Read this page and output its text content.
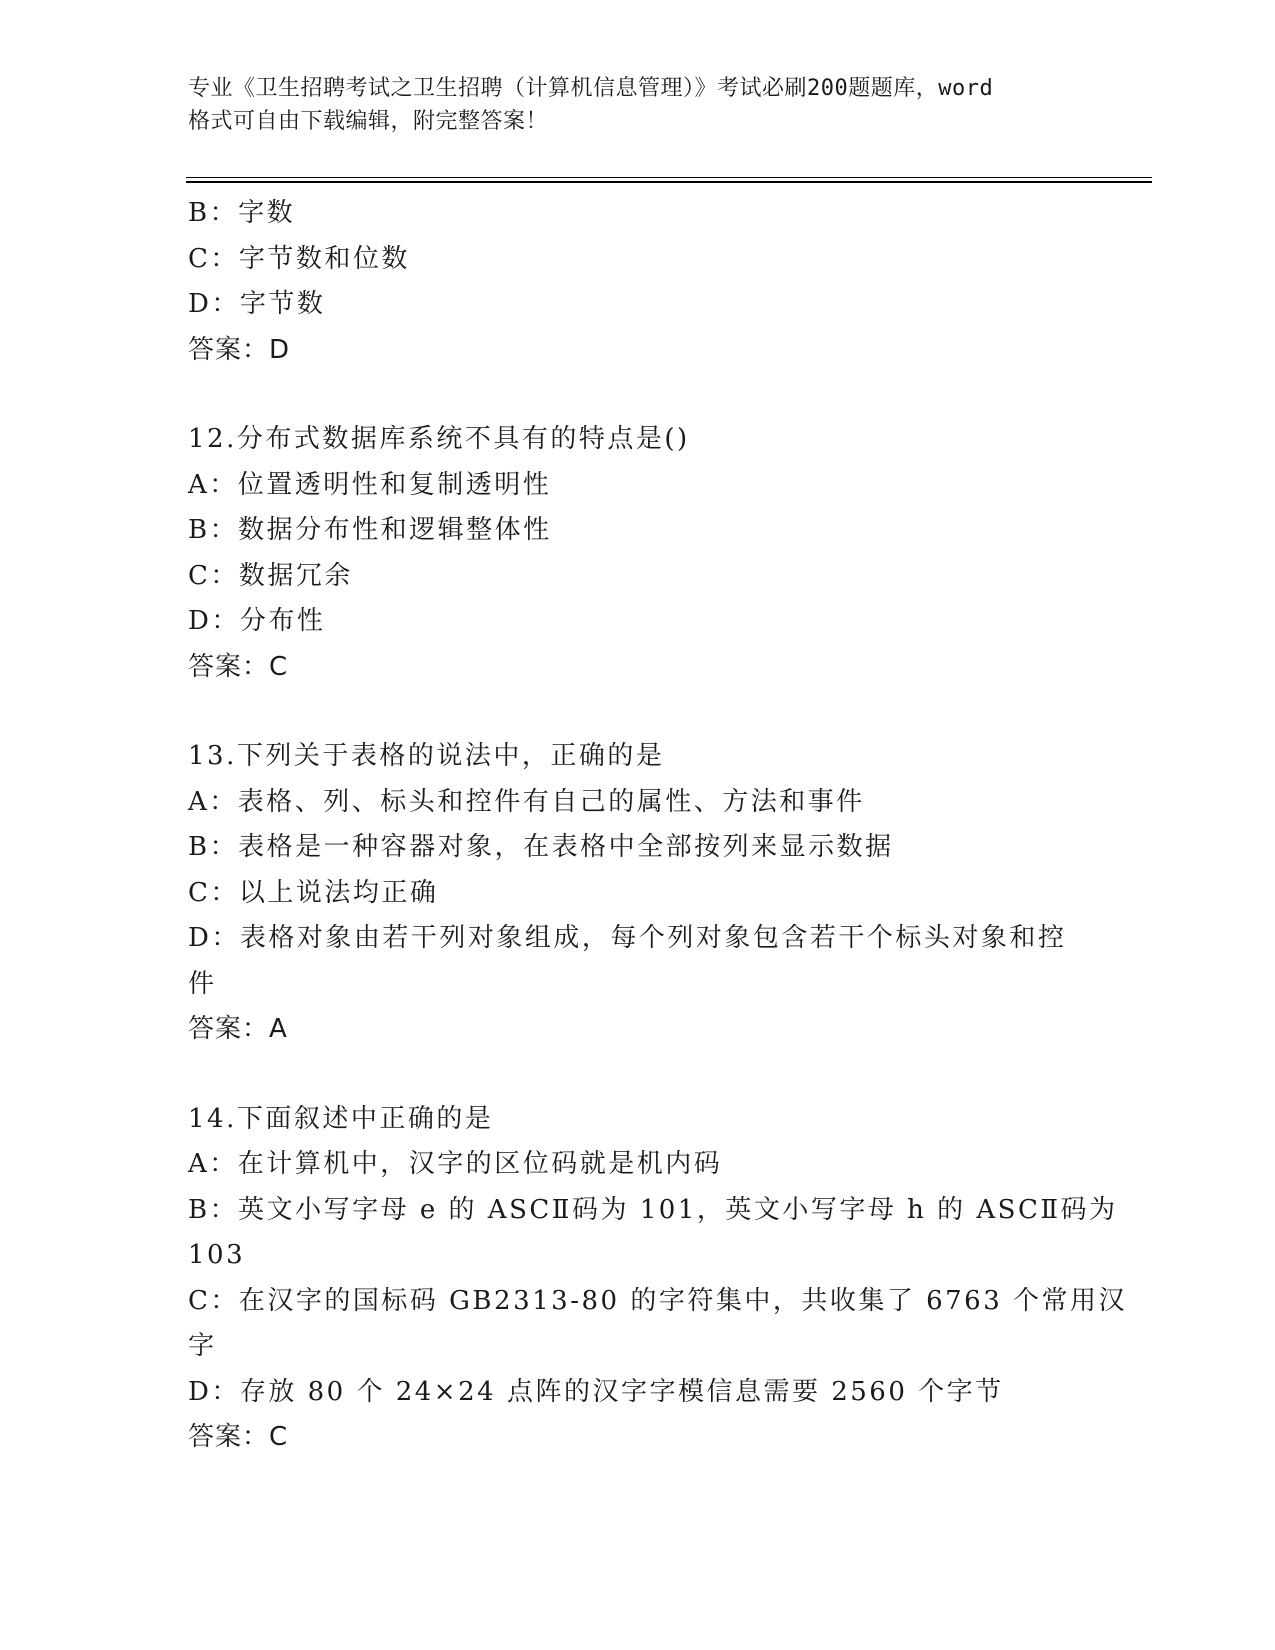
专业《卫生招聘考试之卫生招聘（计算机信息管理）》考试必刷200题题库，word
格式可自由下载编辑，附完整答案！
B：字数
C：字节数和位数
D：字节数
答案：D
12.分布式数据库系统不具有的特点是()
A：位置透明性和复制透明性
B：数据分布性和逻辑整体性
C：数据冗余
D：分布性
答案：C
13.下列关于表格的说法中，正确的是
A：表格、列、标头和控件有自己的属性、方法和事件
B：表格是一种容器对象，在表格中全部按列来显示数据
C：以上说法均正确
D：表格对象由若干列对象组成，每个列对象包含若干个标头对象和控
件
答案：A
14.下面叙述中正确的是
A：在计算机中，汉字的区位码就是机内码
B：英文小写字母 e 的 ASCⅡ码为 101，英文小写字母 h 的 ASCⅡ码为
103
C：在汉字的国标码 GB2313-80 的字符集中，共收集了 6763 个常用汉
字
D：存放 80 个 24×24 点阵的汉字字模信息需要 2560 个字节
答案：C
